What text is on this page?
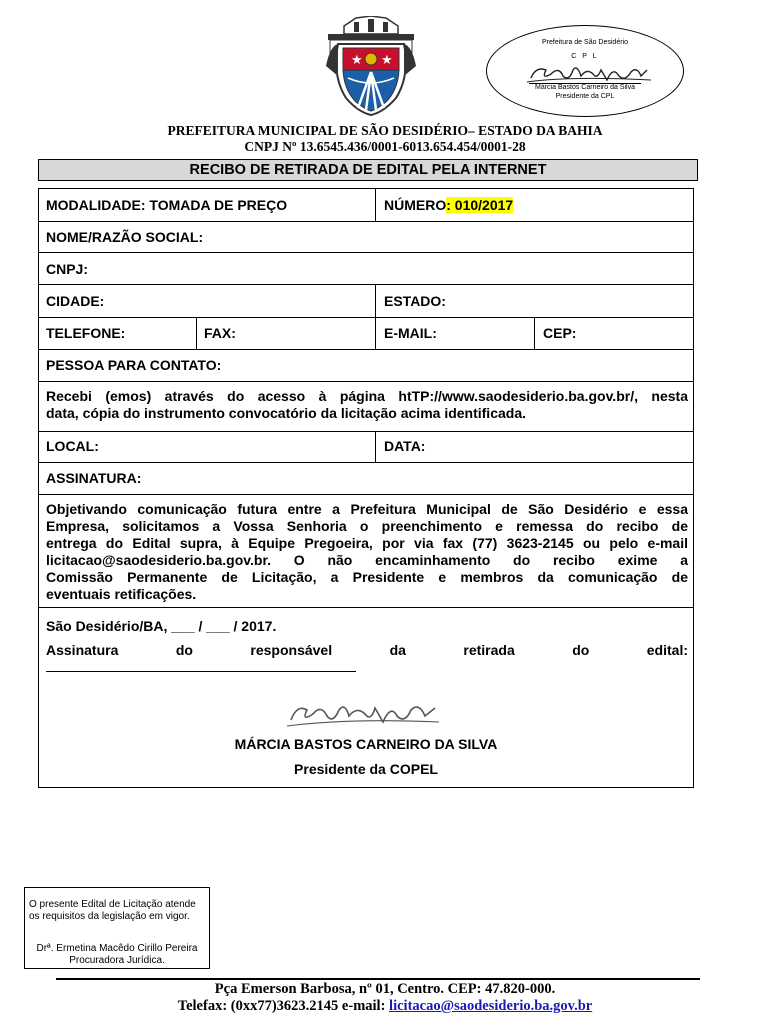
★ ★
Prefeitura de São Desidério
C P L
Márcia Bastos Carneiro da Silva
Presidente da CPL
PREFEITURA MUNICIPAL DE SÃO DESIDÉRIO– ESTADO DA BAHIA
CNPJ Nº 13.6545.436/0001-6013.654.454/0001-28
RECIBO DE RETIRADA DE EDITAL PELA INTERNET
MODALIDADE: TOMADA DE PREÇO	NÚMERO: 010/2017
NOME/RAZÃO SOCIAL:
CNPJ:
CIDADE:	ESTADO:
TELEFONE:	FAX:	E-MAIL:	CEP:
PESSOA PARA CONTATO:
Recebi (emos) através do acesso à página htTP://www.saodesiderio.ba.gov.br/, nesta
data, cópia do instrumento convocatório da licitação acima identificada.
LOCAL:	DATA:
ASSINATURA:
Objetivando comunicação futura entre a Prefeitura Municipal de São Desidério e essa
Empresa, solicitamos a Vossa Senhoria o preenchimento e remessa do recibo de
entrega do Edital supra, à Equipe Pregoeira, por via fax (77) 3623-2145 ou pelo e-mail
licitacao@saodesiderio.ba.gov.br. O não encaminhamento do recibo exime a
Comissão Permanente de Licitação, a Presidente e membros da comunicação de
eventuais retificações.
São Desidério/BA, ___ / ___ / 2017.
Assinatura do responsável da retirada do edital:
MÁRCIA BASTOS CARNEIRO DA SILVA
Presidente da COPEL
O presente Edital de Licitação atende
os requisitos da legislação em vigor.
Drª. Ermetina Macêdo Cirillo Pereira
Procuradora Jurídica.
Pça Emerson Barbosa, nº 01, Centro. CEP: 47.820-000.
Telefax: (0xx77)3623.2145 e-mail: licitacao@saodesiderio.ba.gov.br
